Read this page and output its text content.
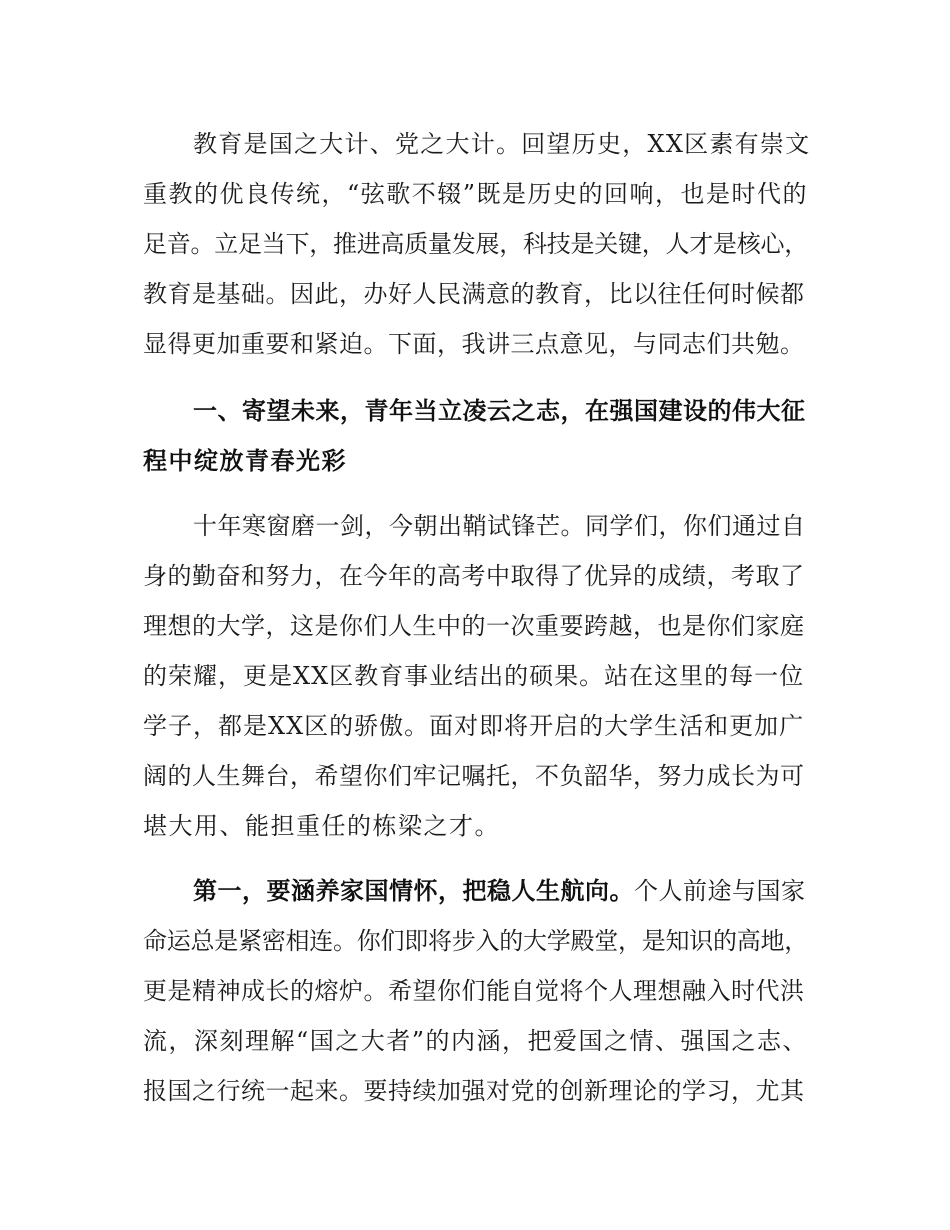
教育是国之大计、党之大计。回望历史，XX区素有崇文

重教的优良传统，“弦歌不辍”既是历史的回响，也是时代的

足音。立足当下，推进高质量发展，科技是关键，人才是核心，

教育是基础。因此，办好人民满意的教育，比以往任何时候都

显得更加重要和紧迫。下面，我讲三点意见，与同志们共勉。

一、寄望未来，青年当立凌云之志，在强国建设的伟大征

程中绽放青春光彩

十年寒窗磨一剑，今朝出鞘试锋芒。同学们，你们通过自

身的勤奋和努力，在今年的高考中取得了优异的成绩，考取了

理想的大学，这是你们人生中的一次重要跨越，也是你们家庭

的荣耀，更是XX区教育事业结出的硕果。站在这里的每一位

学子，都是XX区的骄傲。面对即将开启的大学生活和更加广

阔的人生舞台，希望你们牢记嘱托，不负韶华，努力成长为可

堪大用、能担重任的栋梁之才。

第一，要涵养家国情怀，把稳人生航向。个人前途与国家

命运总是紧密相连。你们即将步入的大学殿堂，是知识的高地，

更是精神成长的熔炉。希望你们能自觉将个人理想融入时代洪

流，深刻理解“国之大者”的内涵，把爱国之情、强国之志、

报国之行统一起来。要持续加强对党的创新理论的学习，尤其
